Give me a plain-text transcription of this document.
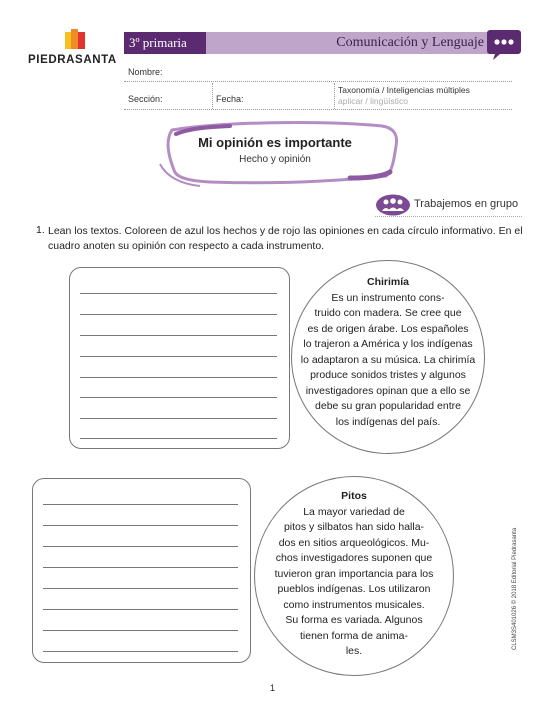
PIEDRASANTA
3º primaria	Comunicación y Lenguaje
Nombre:
Taxonomía / Inteligencias múltiples
aplicar / lingüístico
Sección:	Fecha:
Mi opinión es importante
Hecho y opinión
Trabajemos en grupo
1. Lean los textos. Coloreen de azul los hechos y de rojo las opiniones en cada círculo informativo. En el cuadro anoten su opinión con respecto a cada instrumento.
Chirimía
Es un instrumento cons-
truido con madera. Se cree que
es de origen árabe. Los españoles
lo trajeron a América y los indígenas
lo adaptaron a su música. La chirimía
produce sonidos tristes y algunos
investigadores opinan que a ello se
debe su gran popularidad entre
los indígenas del país.
Pitos
La mayor variedad de
pitos y silbatos han sido halla-
dos en sitios arqueológicos. Mu-
chos investigadores suponen que
tuvieron gran importancia para los
pueblos indígenas. Los utilizaron
como instrumentos musicales.
Su forma es variada. Algunos
tienen forma de anima-
les.
1
CLSM3S401026 © 2018 Editorial Piedrasanta
